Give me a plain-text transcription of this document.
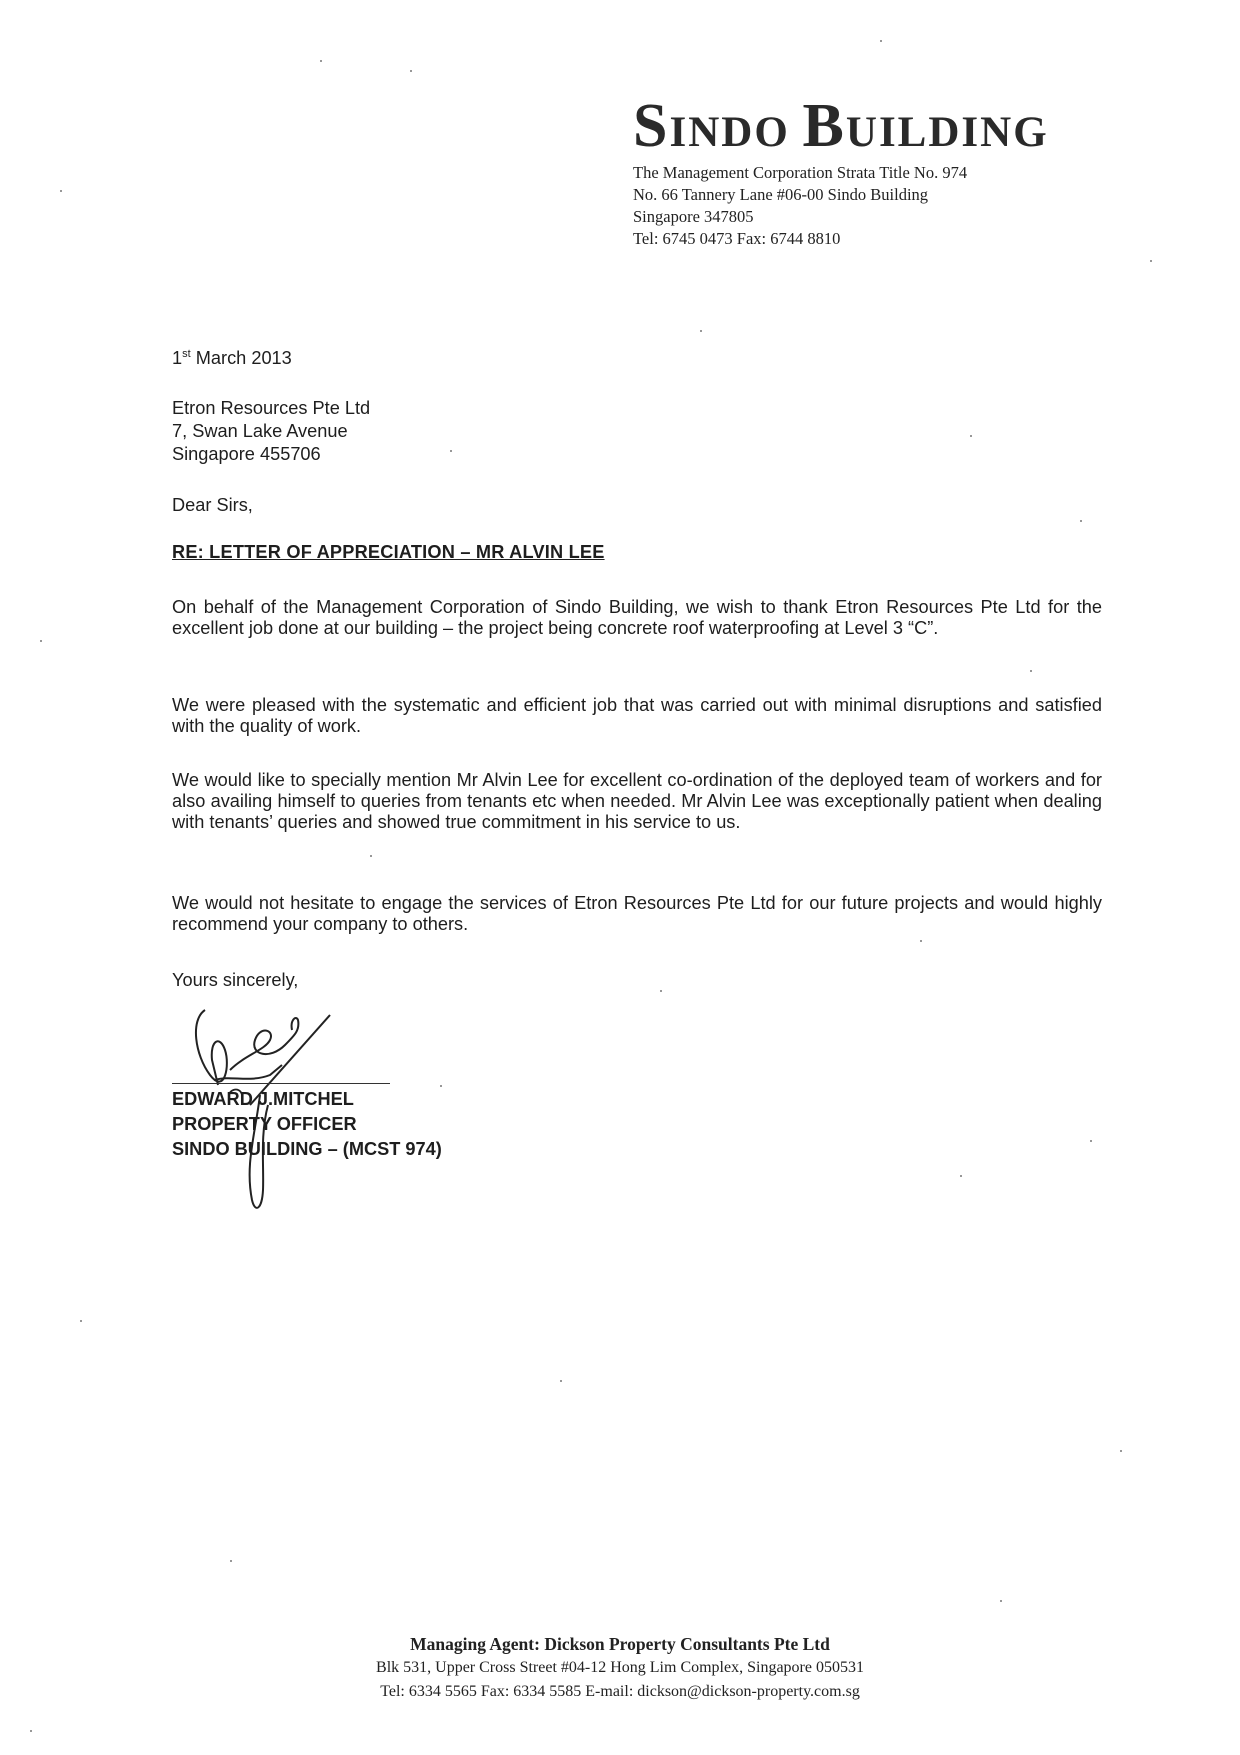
SINDO BUILDING
The Management Corporation Strata Title No. 974
No. 66 Tannery Lane #06-00 Sindo Building
Singapore 347805
Tel: 6745 0473 Fax: 6744 8810
1st March 2013
Etron Resources Pte Ltd
7, Swan Lake Avenue
Singapore 455706
Dear Sirs,
RE: LETTER OF APPRECIATION – MR ALVIN LEE
On behalf of the Management Corporation of Sindo Building, we wish to thank Etron Resources Pte Ltd for the excellent job done at our building – the project being concrete roof waterproofing at Level 3 “C”.
We were pleased with the systematic and efficient job that was carried out with minimal disruptions and satisfied with the quality of work.
We would like to specially mention Mr Alvin Lee for excellent co-ordination of the deployed team of workers and for also availing himself to queries from tenants etc when needed. Mr Alvin Lee was exceptionally patient when dealing with tenants’ queries and showed true commitment in his service to us.
We would not hesitate to engage the services of Etron Resources Pte Ltd for our future projects and would highly recommend your company to others.
Yours sincerely,
EDWARD J.MITCHEL
PROPERTY OFFICER
SINDO BUILDING – (MCST 974)
Managing Agent: Dickson Property Consultants Pte Ltd
Blk 531, Upper Cross Street #04-12 Hong Lim Complex, Singapore 050531
Tel: 6334 5565 Fax: 6334 5585 E-mail: dickson@dickson-property.com.sg
